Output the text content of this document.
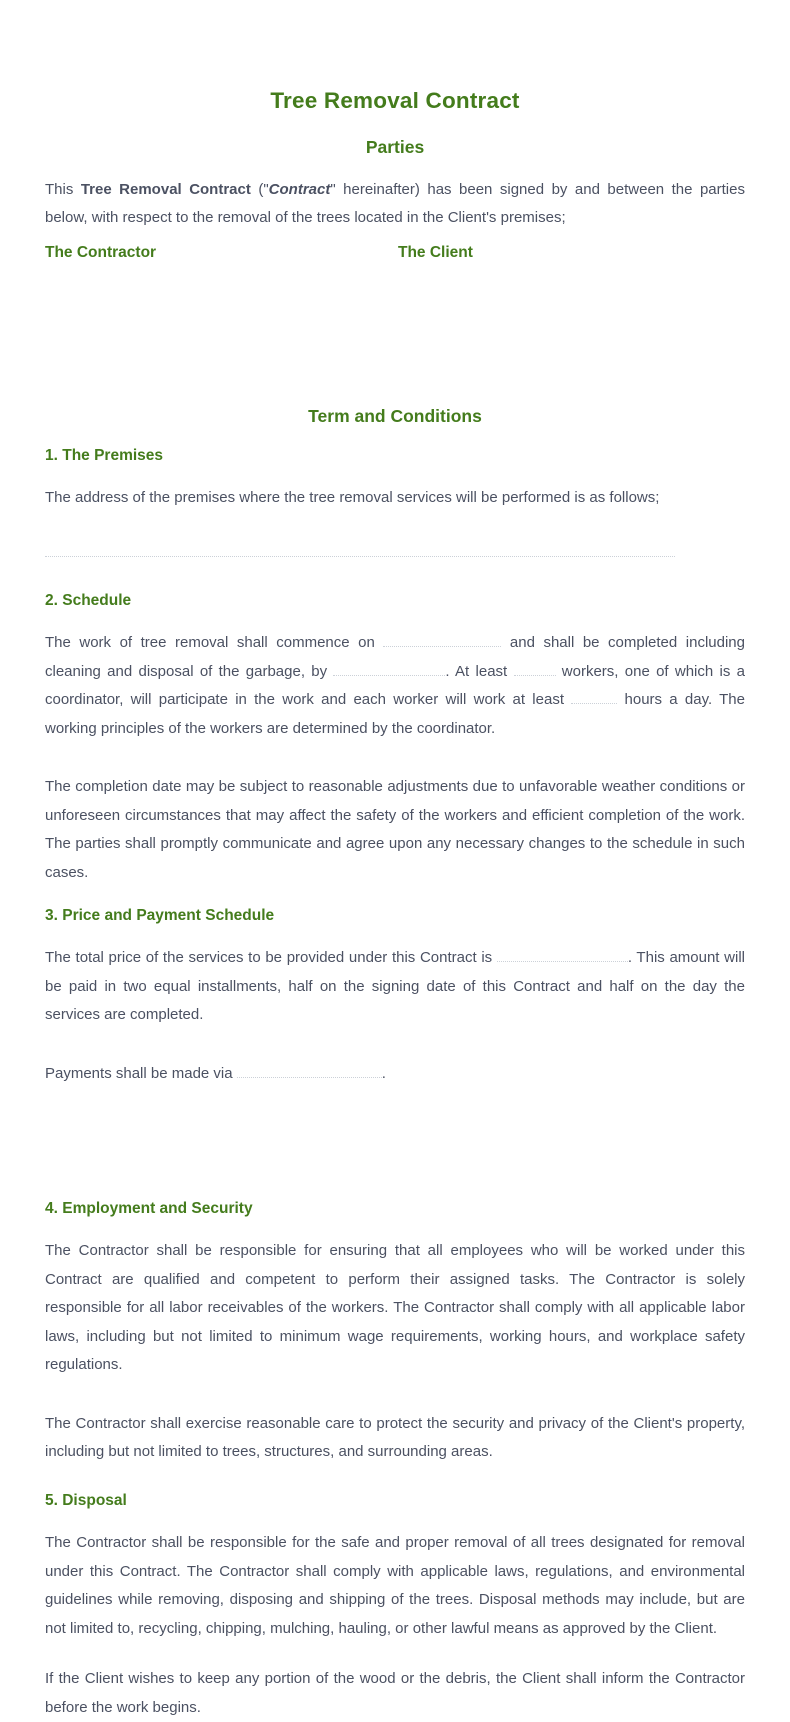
Tree Removal Contract
Parties

This Tree Removal Contract ("Contract" hereinafter) has been signed by and between the parties below, with respect to the removal of the trees located in the Client's premises;

The Contractor	The Client
Term and Conditions
1. The Premises

The address of the premises where the tree removal services will be performed is as follows;

2. Schedule

The work of tree removal shall commence on	and shall be completed including cleaning and disposal of the garbage, by	. At least	workers, one of which is a coordinator, will participate in the work and each worker will work at least	hours a day. The working principles of the workers are determined by the coordinator.

The completion date may be subject to reasonable adjustments due to unfavorable weather conditions or unforeseen circumstances that may affect the safety of the workers and efficient completion of the work. The parties shall promptly communicate and agree upon any necessary changes to the schedule in such cases.

3. Price and Payment Schedule

The total price of the services to be provided under this Contract is	. This amount will be paid in two equal installments, half on the signing date of this Contract and half on the day the services are completed.

Payments shall be made via	.

4. Employment and Security

The Contractor shall be responsible for ensuring that all employees who will be worked under this Contract are qualified and competent to perform their assigned tasks. The Contractor is solely responsible for all labor receivables of the workers. The Contractor shall comply with all applicable labor laws, including but not limited to minimum wage requirements, working hours, and workplace safety regulations.

The Contractor shall exercise reasonable care to protect the security and privacy of the Client's property, including but not limited to trees, structures, and surrounding areas.

5. Disposal

The Contractor shall be responsible for the safe and proper removal of all trees designated for removal under this Contract. The Contractor shall comply with applicable laws, regulations, and environmental guidelines while removing, disposing and shipping of the trees. Disposal methods may include, but are not limited to, recycling, chipping, mulching, hauling, or other lawful means as approved by the Client.

If the Client wishes to keep any portion of the wood or the debris, the Client shall inform the Contractor before the work begins.
